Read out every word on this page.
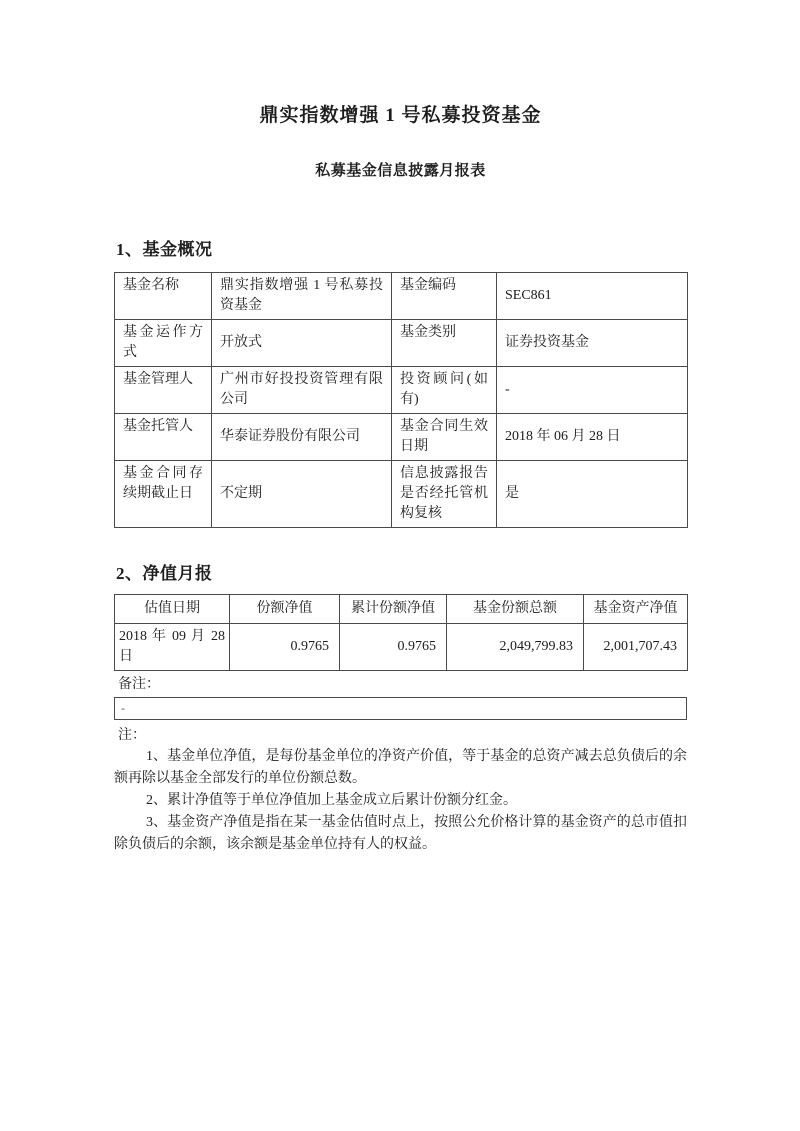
鼎实指数增强 1 号私募投资基金
私募基金信息披露月报表
1、基金概况
基金名称	鼎实指数增强 1 号私募投资基金	基金编码	SEC861
基金运作方式	开放式	基金类别	证券投资基金
基金管理人	广州市好投投资管理有限公司	投资顾问(如有)	-
基金托管人	华泰证券股份有限公司	基金合同生效日期	2018 年 06 月 28 日
基金合同存续期截止日	不定期	信息披露报告是否经托管机构复核	是
2、净值月报
估值日期	份额净值	累计份额净值	基金份额总额	基金资产净值
2018 年 09 月 28 日	0.9765	0.9765	2,049,799.83	2,001,707.43
备注：
-
注：

1、基金单位净值，是每份基金单位的净资产价值，等于基金的总资产减去总负债后的余额再除以基金全部发行的单位份额总数。

2、累计净值等于单位净值加上基金成立后累计份额分红金。

3、基金资产净值是指在某一基金估值时点上，按照公允价格计算的基金资产的总市值扣除负债后的余额，该余额是基金单位持有人的权益。
